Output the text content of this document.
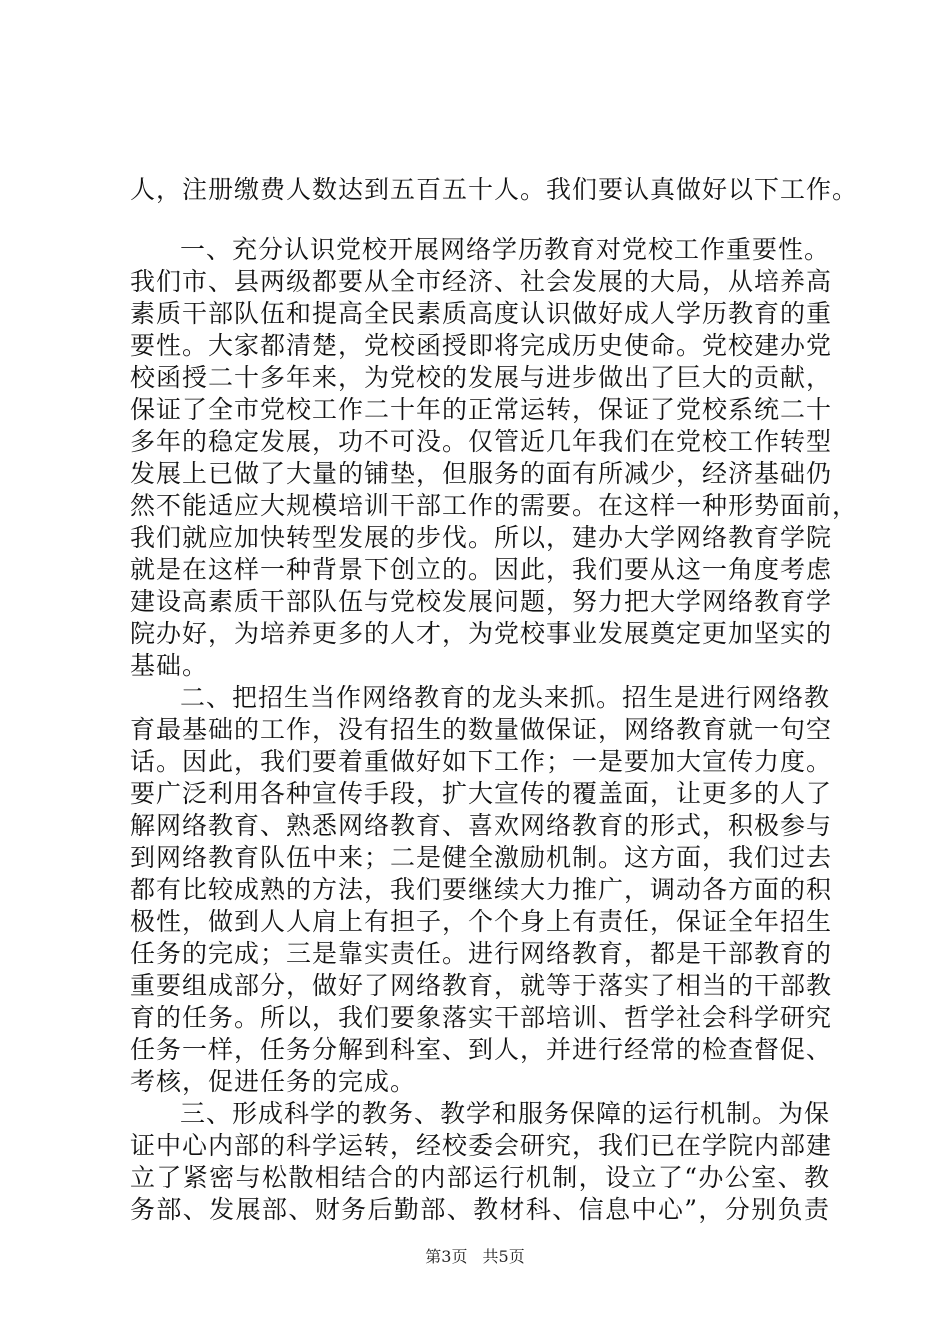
人，注册缴费人数达到五百五十人。我们要认真做好以下工作。
一、充分认识党校开展网络学历教育对党校工作重要性。
我们市、县两级都要从全市经济、社会发展的大局，从培养高
素质干部队伍和提高全民素质高度认识做好成人学历教育的重
要性。大家都清楚，党校函授即将完成历史使命。党校建办党
校函授二十多年来，为党校的发展与进步做出了巨大的贡献，
保证了全市党校工作二十年的正常运转，保证了党校系统二十
多年的稳定发展，功不可没。仅管近几年我们在党校工作转型
发展上已做了大量的铺垫，但服务的面有所减少，经济基础仍
然不能适应大规模培训干部工作的需要。在这样一种形势面前，
我们就应加快转型发展的步伐。所以，建办大学网络教育学院
就是在这样一种背景下创立的。因此，我们要从这一角度考虑
建设高素质干部队伍与党校发展问题，努力把大学网络教育学
院办好，为培养更多的人才，为党校事业发展奠定更加坚实的
基础。
二、把招生当作网络教育的龙头来抓。招生是进行网络教
育最基础的工作，没有招生的数量做保证，网络教育就一句空
话。因此，我们要着重做好如下工作；一是要加大宣传力度。
要广泛利用各种宣传手段，扩大宣传的覆盖面，让更多的人了
解网络教育、熟悉网络教育、喜欢网络教育的形式，积极参与
到网络教育队伍中来；二是健全激励机制。这方面，我们过去
都有比较成熟的方法，我们要继续大力推广，调动各方面的积
极性，做到人人肩上有担子，个个身上有责任，保证全年招生
任务的完成；三是靠实责任。进行网络教育，都是干部教育的
重要组成部分，做好了网络教育，就等于落实了相当的干部教
育的任务。所以，我们要象落实干部培训、哲学社会科学研究
任务一样，任务分解到科室、到人，并进行经常的检查督促、
考核，促进任务的完成。
三、形成科学的教务、教学和服务保障的运行机制。为保
证中心内部的科学运转，经校委会研究，我们已在学院内部建
立了紧密与松散相结合的内部运行机制，设立了“办公室、教
务部、发展部、财务后勤部、教材科、信息中心”，分别负责
第3页 共5页
